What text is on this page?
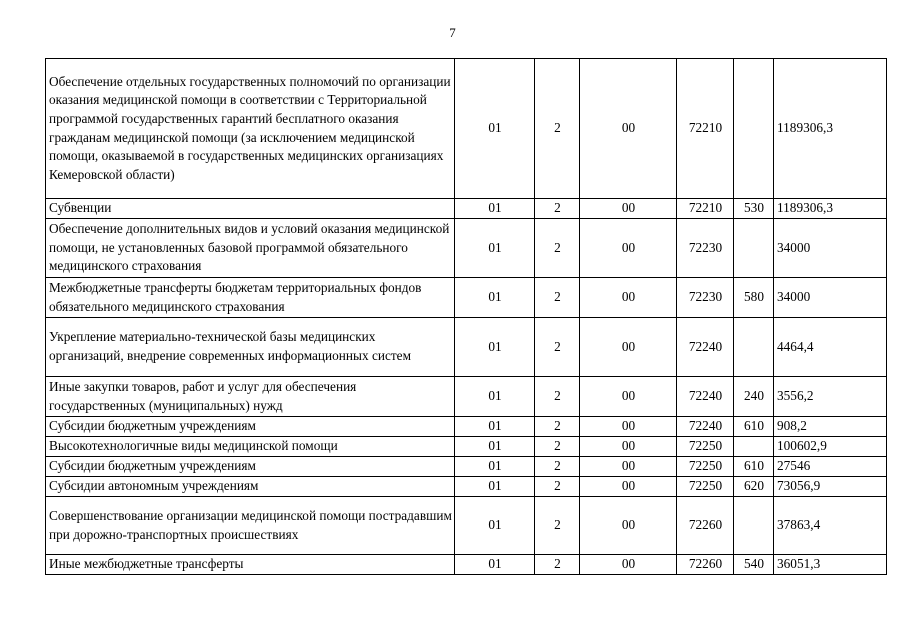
7
Обеспечение отдельных государственных полномочий по организации оказания медицинской помощи в соответствии с Территориальной программой государственных гарантий бесплатного оказания гражданам медицинской помощи (за исключением медицинской помощи, оказываемой в государственных медицинских организациях Кемеровской области)	01	2	00	72210		1189306,3
Субвенции	01	2	00	72210	530	1189306,3
Обеспечение дополнительных видов и условий оказания медицинской помощи, не установленных базовой программой обязательного медицинского страхования	01	2	00	72230		34000
Межбюджетные трансферты бюджетам территориальных фондов обязательного медицинского страхования	01	2	00	72230	580	34000
Укрепление материально-технической базы медицинских организаций, внедрение современных информационных систем	01	2	00	72240		4464,4
Иные закупки товаров, работ и услуг для обеспечения государственных (муниципальных) нужд	01	2	00	72240	240	3556,2
Субсидии бюджетным учреждениям	01	2	00	72240	610	908,2
Высокотехнологичные виды медицинской помощи	01	2	00	72250		100602,9
Субсидии бюджетным учреждениям	01	2	00	72250	610	27546
Субсидии автономным учреждениям	01	2	00	72250	620	73056,9
Совершенствование организации медицинской помощи пострадавшим при дорожно-транспортных происшествиях	01	2	00	72260		37863,4
Иные межбюджетные трансферты	01	2	00	72260	540	36051,3
